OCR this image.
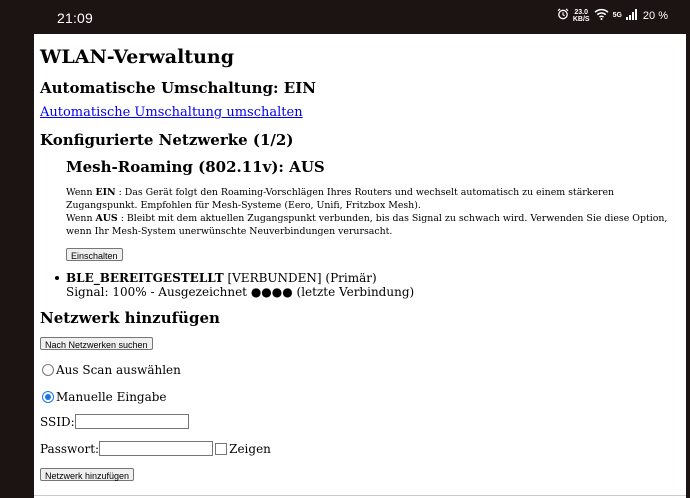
21:09	23.0
KB/S	5G 20 %
WLAN-Verwaltung
Automatische Umschaltung: EIN
Automatische Umschaltung umschalten
Konfigurierte Netzwerke (1/2)
Mesh-Roaming (802.11v): AUS
Wenn EIN : Das Gerät folgt den Roaming-Vorschlägen Ihres Routers und wechselt automatisch zu einem stärkeren Zugangspunkt. Empfohlen für Mesh-Systeme (Eero, Unifi, Fritzbox Mesh).
Wenn AUS : Bleibt mit dem aktuellen Zugangspunkt verbunden, bis das Signal zu schwach wird. Verwenden Sie diese Option, wenn Ihr Mesh-System unerwünschte Neuverbindungen verursacht.
Einschalten
BLE_BEREITGESTELLT [VERBUNDEN] (Primär)
Signal: 100% - Ausgezeichnet ●●●● (letzte Verbindung)
Netzwerk hinzufügen
Nach Netzwerken suchen
Aus Scan auswählen
Manuelle Eingabe
SSID:
Passwort:	Zeigen
Netzwerk hinzufügen
